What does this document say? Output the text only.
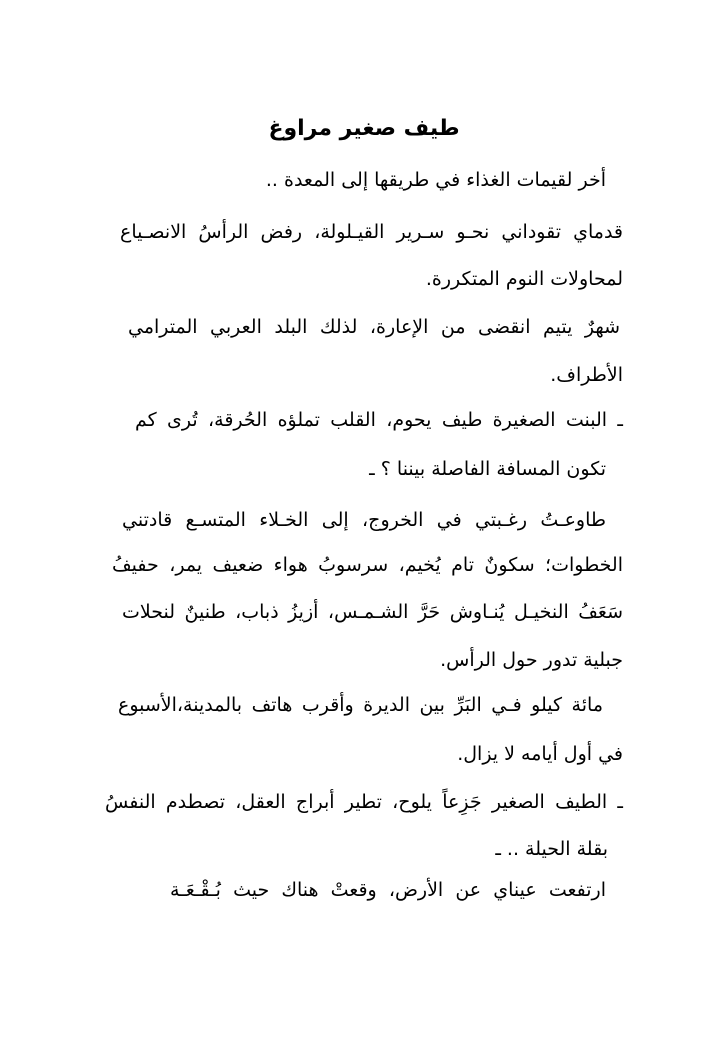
طيف صغير مراوغ
أخر لقيمات الغذاء في طريقها إلى المعدة ..
قدماي تقوداني نحـو سـرير القيـلولة، رفض الرأسُ الانصـياع
لمحاولات النوم المتكررة.
شهرٌ يتيم انقضى من الإعارة، لذلك البلد العربي المترامي
الأطراف.
ـ البنت الصغيرة طيف يحوم، القلب تملؤه الحُرقة، تُرى كم
تكون المسافة الفاصلة بيننا ؟ ـ
طاوعـتُ رغـبتي في الخروج، إلى الخـلاء المتسـع قادتني
الخطوات؛ سكونٌ تام يُخيم، سرسوبُ هواء ضعيف يمر، حفيفُ
سَعَفُ النخيـل يُنـاوش حَرَّ الشـمـس، أزيزُ ذباب، طنينٌ لنحلات
جبلية تدور حول الرأس.
مائة كيلو فـي البَرِّ بين الديرة وأقرب هاتف بالمدينة،الأسبوع
في أول أيامه لا يزال.
ـ الطيف الصغير جَزِعاً يلوح، تطير أبراج العقل، تصطدم النفسُ
بقلة الحيلة .. ـ
ارتفعت عيناي عن الأرض، وقعتْ هناك حيث بُـقْـعَـة
